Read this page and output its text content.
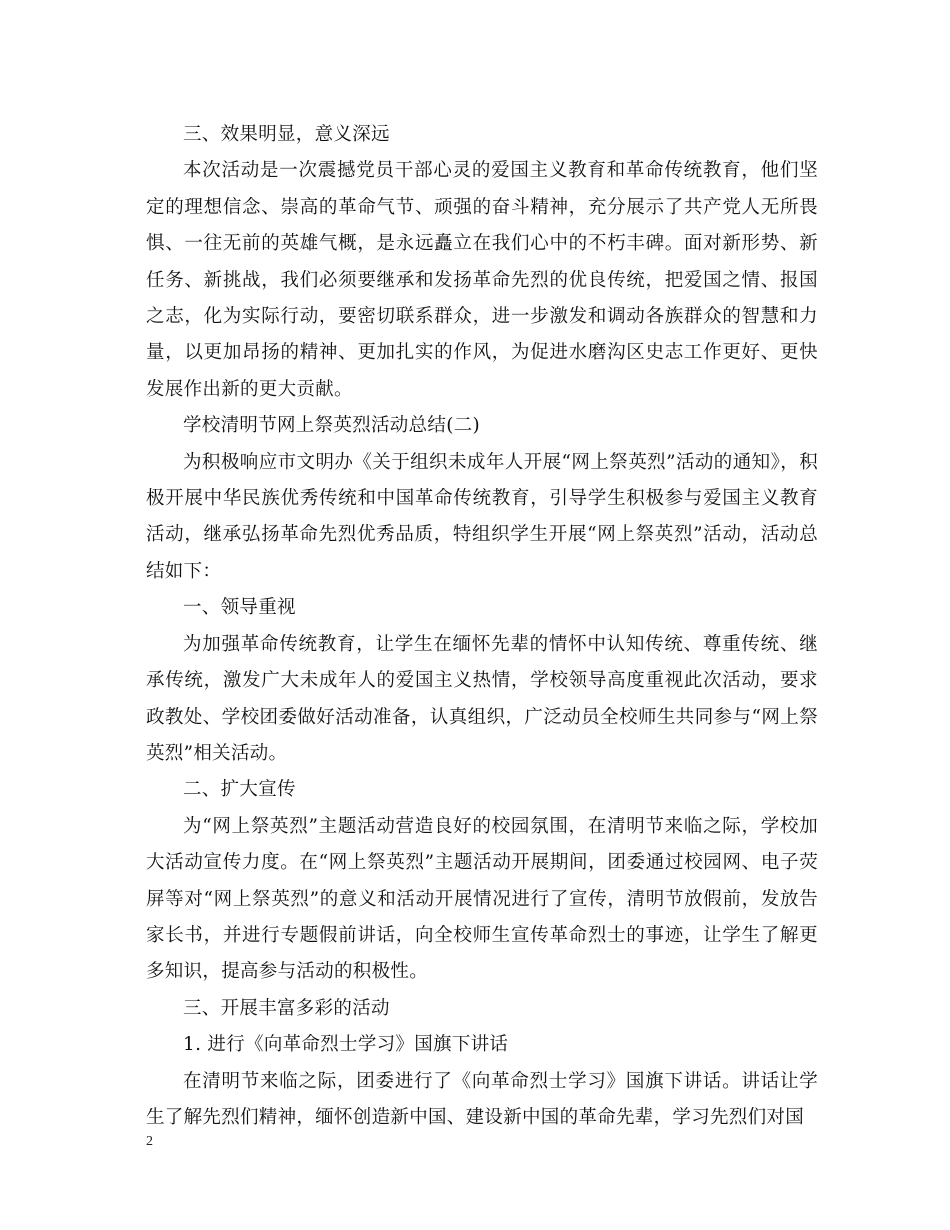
三、效果明显，意义深远

本次活动是一次震撼党员干部心灵的爱国主义教育和革命传统教育，他们坚定的理想信念、崇高的革命气节、顽强的奋斗精神，充分展示了共产党人无所畏惧、一往无前的英雄气概，是永远矗立在我们心中的不朽丰碑。面对新形势、新任务、新挑战，我们必须要继承和发扬革命先烈的优良传统，把爱国之情、报国之志，化为实际行动，要密切联系群众，进一步激发和调动各族群众的智慧和力量，以更加昂扬的精神、更加扎实的作风，为促进水磨沟区史志工作更好、更快发展作出新的更大贡献。

学校清明节网上祭英烈活动总结(二)

为积极响应市文明办《关于组织未成年人开展“网上祭英烈”活动的通知》，积极开展中华民族优秀传统和中国革命传统教育，引导学生积极参与爱国主义教育活动，继承弘扬革命先烈优秀品质，特组织学生开展“网上祭英烈”活动，活动总结如下：

一、领导重视

为加强革命传统教育，让学生在缅怀先辈的情怀中认知传统、尊重传统、继承传统，激发广大未成年人的爱国主义热情，学校领导高度重视此次活动，要求政教处、学校团委做好活动准备，认真组织，广泛动员全校师生共同参与“网上祭英烈”相关活动。

二、扩大宣传

为“网上祭英烈”主题活动营造良好的校园氛围，在清明节来临之际，学校加大活动宣传力度。在“网上祭英烈”主题活动开展期间，团委通过校园网、电子荧屏等对“网上祭英烈”的意义和活动开展情况进行了宣传，清明节放假前，发放告家长书，并进行专题假前讲话，向全校师生宣传革命烈士的事迹，让学生了解更多知识，提高参与活动的积极性。

三、开展丰富多彩的活动

1. 进行《向革命烈士学习》国旗下讲话

在清明节来临之际，团委进行了《向革命烈士学习》国旗下讲话。讲话让学生了解先烈们精神，缅怀创造新中国、建设新中国的革命先辈，学习先烈们对国

2
